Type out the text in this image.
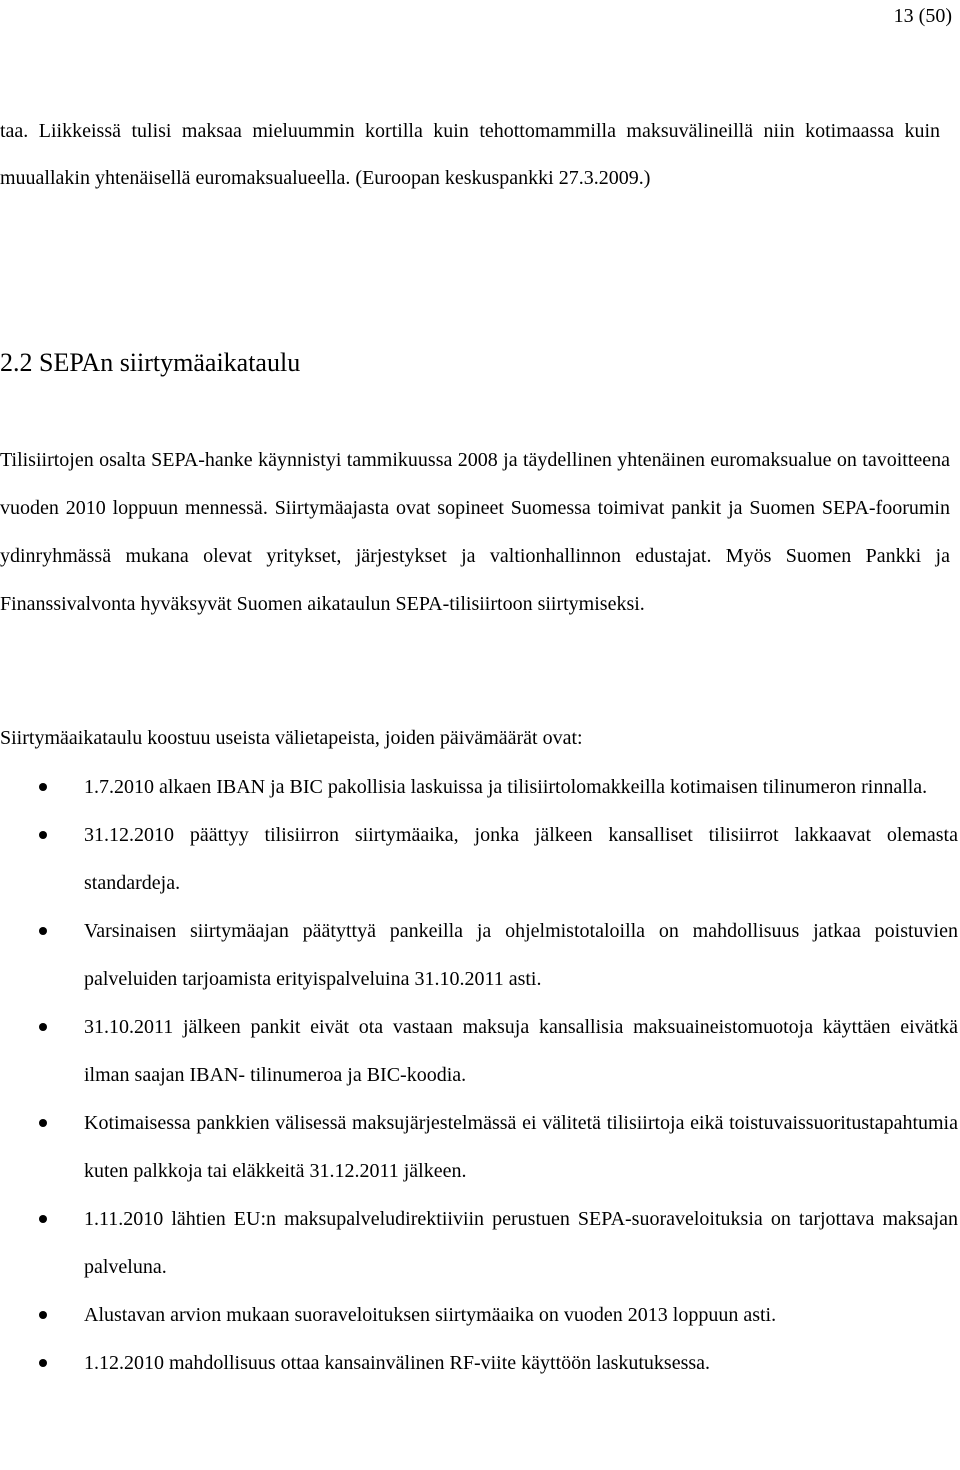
13 (50)

taa. Liikkeissä tulisi maksaa mieluummin kortilla kuin tehottomammilla maksuvälineillä niin kotimaassa kuin muuallakin yhtenäisellä euromaksualueella. (Euroopan keskuspankki 27.3.2009.)

2.2 SEPAn siirtymäaikataulu

Tilisiirtojen osalta SEPA-hanke käynnistyi tammikuussa 2008 ja täydellinen yhtenäinen euromaksualue on tavoitteena vuoden 2010 loppuun mennessä. Siirtymäajasta ovat sopineet Suomessa toimivat pankit ja Suomen SEPA-foorumin ydinryhmässä mukana olevat yritykset, järjestykset ja valtionhallinnon edustajat. Myös Suomen Pankki ja Finanssivalvonta hyväksyvät Suomen aikataulun SEPA-tilisiirtoon siirtymiseksi.

Siirtymäaikataulu koostuu useista välietapeista, joiden päivämäärät ovat:

1.7.2010 alkaen IBAN ja BIC pakollisia laskuissa ja tilisiirtolomakkeilla kotimaisen tilinumeron rinnalla.
31.12.2010 päättyy tilisiirron siirtymäaika, jonka jälkeen kansalliset tilisiirrot lakkaavat olemasta standardeja.
Varsinaisen siirtymäajan päätyttyä pankeilla ja ohjelmistotaloilla on mahdollisuus jatkaa poistuvien palveluiden tarjoamista erityispalveluina 31.10.2011 asti.
31.10.2011 jälkeen pankit eivät ota vastaan maksuja kansallisia maksuaineistomuotoja käyttäen eivätkä ilman saajan IBAN- tilinumeroa ja BIC-koodia.
Kotimaisessa pankkien välisessä maksujärjestelmässä ei välitetä tilisiirtoja eikä toistuvaissuoritustapahtumia kuten palkkoja tai eläkkeitä 31.12.2011 jälkeen.
1.11.2010 lähtien EU:n maksupalveludirektiiviin perustuen SEPA-suoraveloituksia on tarjottava maksajan palveluna.
Alustavan arvion mukaan suoraveloituksen siirtymäaika on vuoden 2013 loppuun asti.
1.12.2010 mahdollisuus ottaa kansainvälinen RF-viite käyttöön laskutuksessa.
